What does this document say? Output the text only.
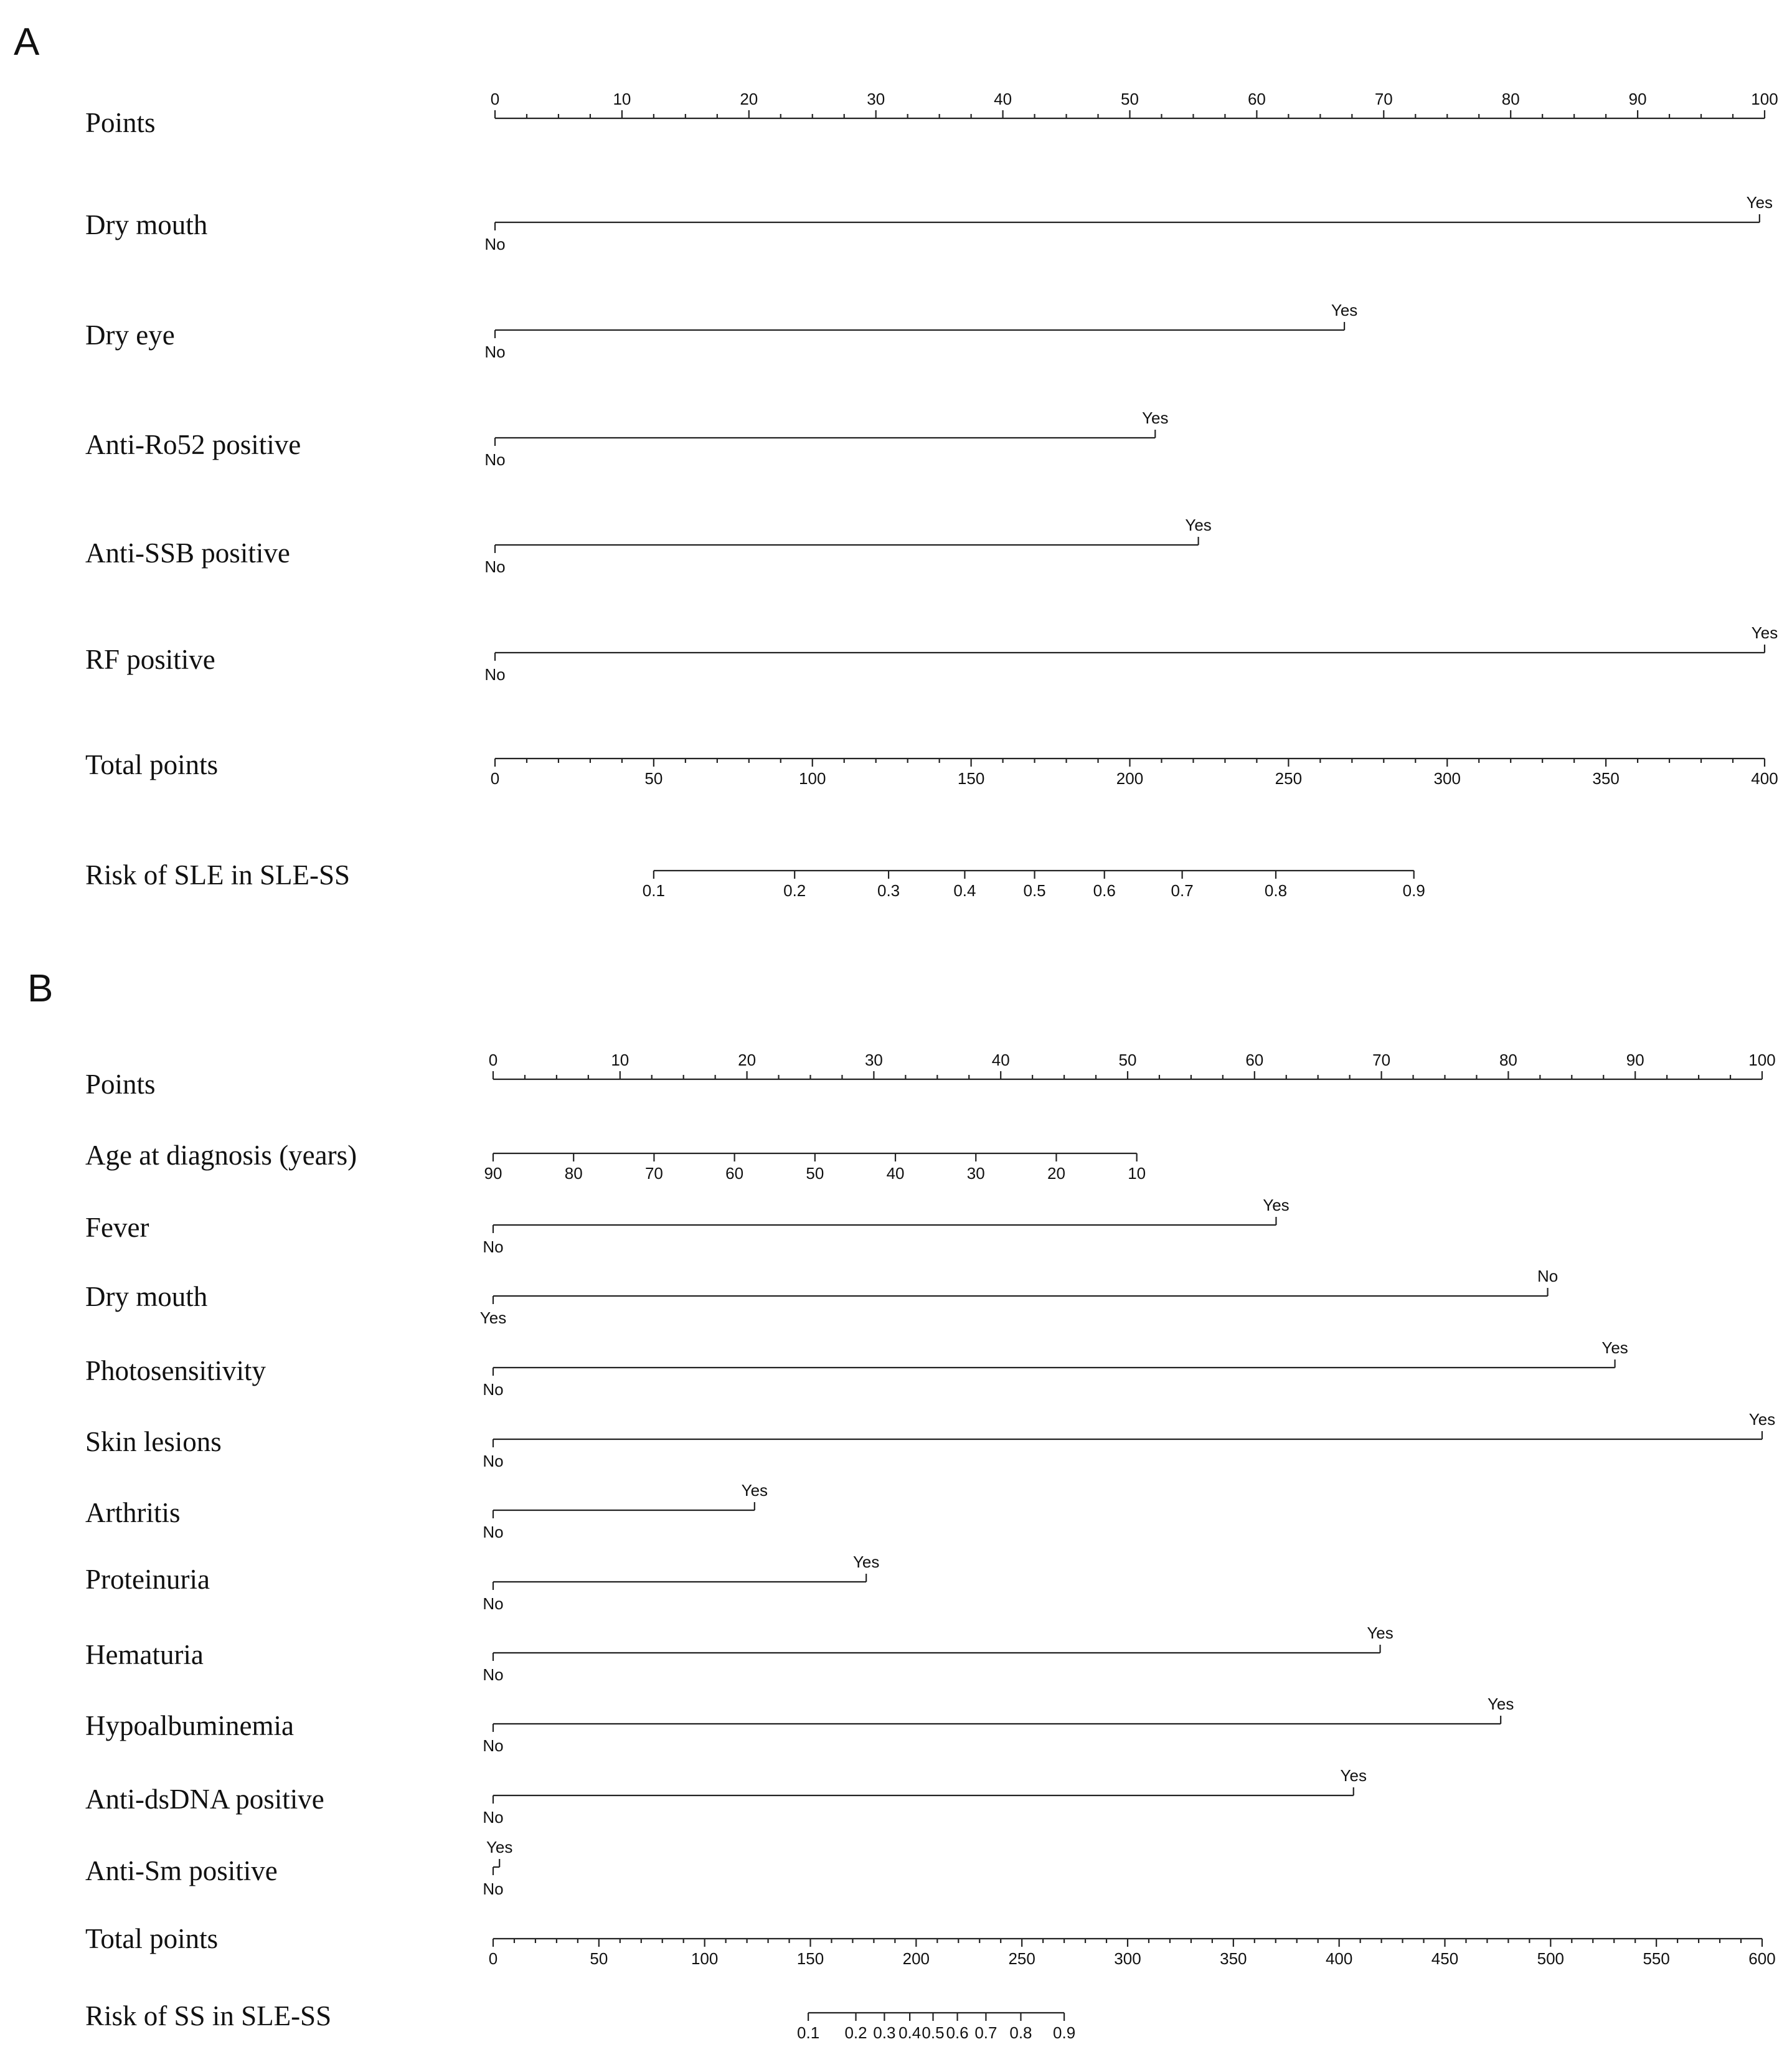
A
Points
0	10	20	30	40	50	60	70	80	90	100
Dry mouth
No
Yes
Dry eye
No
Yes
Anti-Ro52 positive	No
Yes
Anti-SSB positive	No
Yes
RF positive	No
Yes
Total points	0	50	100	150	200	250	300	350	400
Risk of SLE in SLE-SS	0.1	0.2	0.3	0.4	0.5	0.6	0.7	0.8	0.9
B
Points
0	10	20	30	40	50	60	70	80	90	100
Age at diagnosis (years)
90	80	70	60	50	40	30	20	10
Fever
No
Yes
Dry mouth
Yes
No
Photosensitivity
No
Yes
Skin lesions
No
Yes
Arthritis
No
Yes
Proteinuria
No
Yes
Hematuria
No
Yes
Hypoalbuminemia
No
Yes
Anti-dsDNA positive
No
Yes
Anti-Sm positive
No
Yes
Total points
0	50	100	150	200	250	300	350	400	450	500	550	600
Risk of SS in SLE-SS
0.1 0.2 0.3 0.4 0.5 0.6 0.7 0.8 0.9
